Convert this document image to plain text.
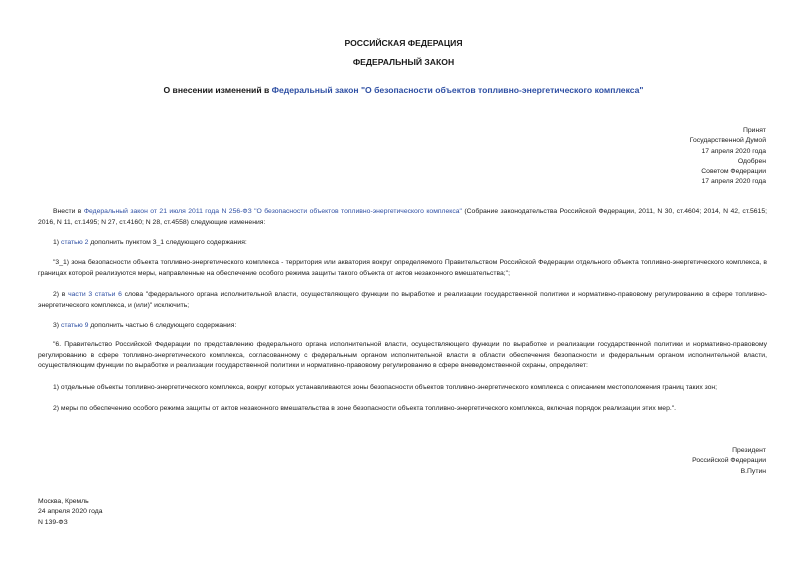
РОССИЙСКАЯ ФЕДЕРАЦИЯ
ФЕДЕРАЛЬНЫЙ ЗАКОН
О внесении изменений в Федеральный закон "О безопасности объектов топливно-энергетического комплекса"
Принят
Государственной Думой
17 апреля 2020 года
Одобрен
Советом Федерации
17 апреля 2020 года
Внести в Федеральный закон от 21 июля 2011 года N 256-ФЗ "О безопасности объектов топливно-энергетического комплекса" (Собрание законодательства Российской Федерации, 2011, N 30, ст.4604; 2014, N 42, ст.5615; 2016, N 11, ст.1495; N 27, ст.4160; N 28, ст.4558) следующие изменения:
1) статью 2 дополнить пунктом 3_1 следующего содержания:
"3_1) зона безопасности объекта топливно-энергетического комплекса - территория или акватория вокруг определяемого Правительством Российской Федерации отдельного объекта топливно-энергетического комплекса, в границах которой реализуются меры, направленные на обеспечение особого режима защиты такого объекта от актов незаконного вмешательства;";
2) в части 3 статьи 6 слова "федерального органа исполнительной власти, осуществляющего функции по выработке и реализации государственной политики и нормативно-правовому регулированию в сфере топливно-энергетического комплекса, и (или)" исключить;
3) статью 9 дополнить частью 6 следующего содержания:
"6. Правительство Российской Федерации по представлению федерального органа исполнительной власти, осуществляющего функции по выработке и реализации государственной политики и нормативно-правовому регулированию в сфере топливно-энергетического комплекса, согласованному с федеральным органом исполнительной власти в области обеспечения безопасности и федеральным органом исполнительной власти, осуществляющим функции по выработке и реализации государственной политики и нормативно-правовому регулированию в сфере вневедомственной охраны, определяет:
1) отдельные объекты топливно-энергетического комплекса, вокруг которых устанавливаются зоны безопасности объектов топливно-энергетического комплекса с описанием местоположения границ таких зон;
2) меры по обеспечению особого режима защиты от актов незаконного вмешательства в зоне безопасности объекта топливно-энергетического комплекса, включая порядок реализации этих мер.".
Президент
Российской Федерации
В.Путин
Москва, Кремль
24 апреля 2020 года
N 139-ФЗ
